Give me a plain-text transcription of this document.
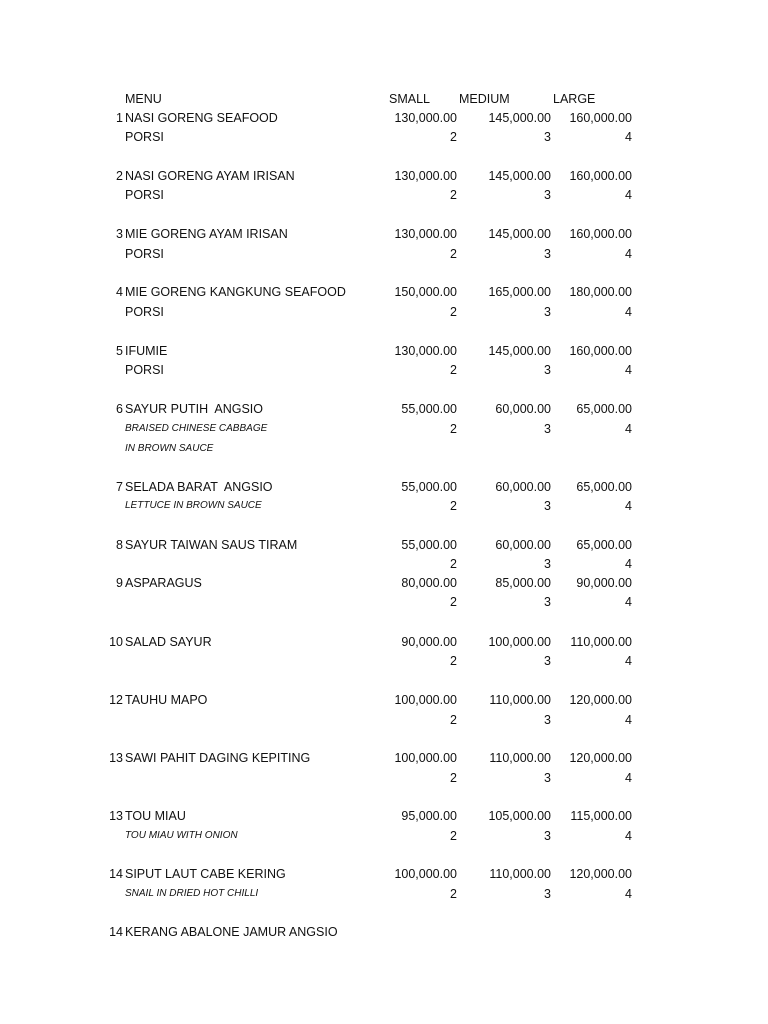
MENU	SMALL MEDIUM	LARGE
1 NASI GORENG SEAFOOD	130,000.00	145,000.00 160,000.00
PORSI	2	3	4
2 NASI GORENG AYAM IRISAN	130,000.00	145,000.00 160,000.00
PORSI	2	3	4
3 MIE GORENG AYAM IRISAN	130,000.00	145,000.00 160,000.00
PORSI	2	3	4
4 MIE GORENG KANGKUNG SEAFOOD	150,000.00	165,000.00 180,000.00
PORSI	2	3	4
5 IFUMIE	130,000.00	145,000.00 160,000.00
PORSI	2	3	4
6 SAYUR PUTIH  ANGSIO	55,000.00	60,000.00 65,000.00
BRAISED CHINESE CABBAGE	2	3	4
IN BROWN SAUCE
7 SELADA BARAT  ANGSIO	55,000.00	60,000.00 65,000.00
LETTUCE IN BROWN SAUCE	2	3	4
8 SAYUR TAIWAN SAUS TIRAM	55,000.00	60,000.00 65,000.00
2	3	4
9 ASPARAGUS	80,000.00	85,000.00 90,000.00
2	3	4
10 SALAD SAYUR	90,000.00	100,000.00 110,000.00
2	3	4
12 TAUHU MAPO	100,000.00	110,000.00 120,000.00
2	3	4
13 SAWI PAHIT DAGING KEPITING	100,000.00	110,000.00 120,000.00
2	3	4
13 TOU MIAU	95,000.00	105,000.00 115,000.00
TOU MIAU WITH ONION	2	3	4
14 SIPUT LAUT CABE KERING	100,000.00	110,000.00 120,000.00
SNAIL IN DRIED HOT CHILLI	2	3	4
14 KERANG ABALONE JAMUR ANGSIO
